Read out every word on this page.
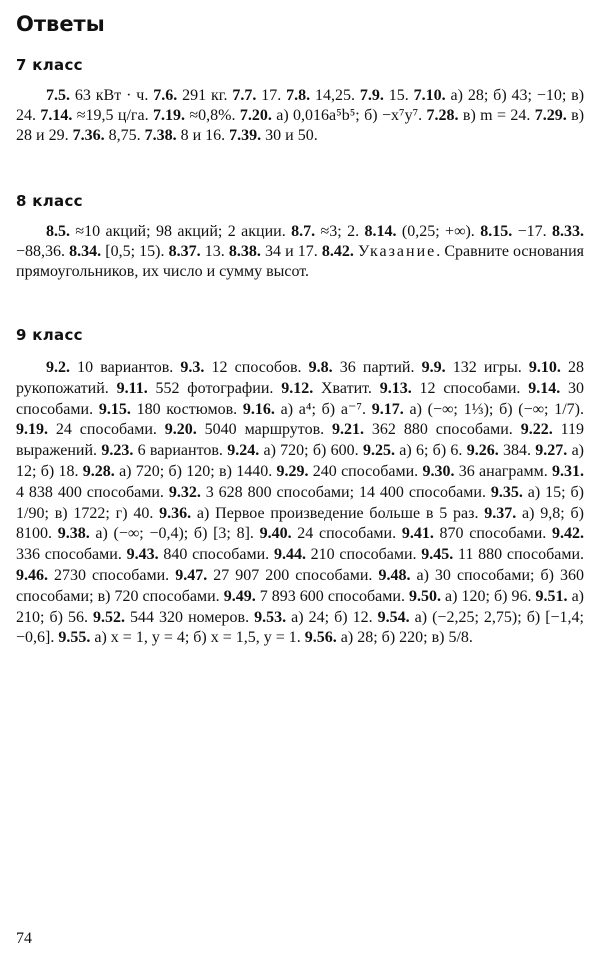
Ответы
7 класс

7.5. 63 кВт · ч. 7.6. 291 кг. 7.7. 17. 7.8. 14,25. 7.9. 15. 7.10. а) 28; б) 43; −10; в) 24. 7.14. ≈19,5 ц/га. 7.19. ≈0,8%. 7.20. а) 0,016a⁵b⁵; б) −x⁷y⁷. 7.28. в) m = 24. 7.29. в) 28 и 29. 7.36. 8,75. 7.38. 8 и 16. 7.39. 30 и 50.

8 класс

8.5. ≈10 акций; 98 акций; 2 акции. 8.7. ≈3; 2. 8.14. (0,25; +∞). 8.15. −17. 8.33. −88,36. 8.34. [0,5; 15). 8.37. 13. 8.38. 34 и 17. 8.42. Указание. Сравните основания прямоугольников, их число и сумму высот.

9 класс

9.2. 10 вариантов. 9.3. 12 способов. 9.8. 36 партий. 9.9. 132 игры. 9.10. 28 рукопожатий. 9.11. 552 фотографии. 9.12. Хватит. 9.13. 12 способами. 9.14. 30 способами. 9.15. 180 костюмов. 9.16. а) a⁴; б) a⁻⁷. 9.17. а) (−∞; 1⅓); б) (−∞; 1/7). 9.19. 24 способами. 9.20. 5040 маршрутов. 9.21. 362 880 способами. 9.22. 119 выражений. 9.23. 6 вариантов. 9.24. а) 720; б) 600. 9.25. а) 6; б) 6. 9.26. 384. 9.27. а) 12; б) 18. 9.28. а) 720; б) 120; в) 1440. 9.29. 240 способами. 9.30. 36 анаграмм. 9.31. 4 838 400 способами. 9.32. 3 628 800 способами; 14 400 способами. 9.35. а) 15; б) 1/90; в) 1722; г) 40. 9.36. а) Первое произведение больше в 5 раз. 9.37. а) 9,8; б) 8100. 9.38. а) (−∞; −0,4); б) [3; 8]. 9.40. 24 способами. 9.41. 870 способами. 9.42. 336 способами. 9.43. 840 способами. 9.44. 210 способами. 9.45. 11 880 способами. 9.46. 2730 способами. 9.47. 27 907 200 способами. 9.48. а) 30 способами; б) 360 способами; в) 720 способами. 9.49. 7 893 600 способами. 9.50. а) 120; б) 96. 9.51. а) 210; б) 56. 9.52. 544 320 номеров. 9.53. а) 24; б) 12. 9.54. а) (−2,25; 2,75); б) [−1,4; −0,6]. 9.55. а) x = 1, y = 4; б) x = 1,5, y = 1. 9.56. а) 28; б) 220; в) 5/8.

74
